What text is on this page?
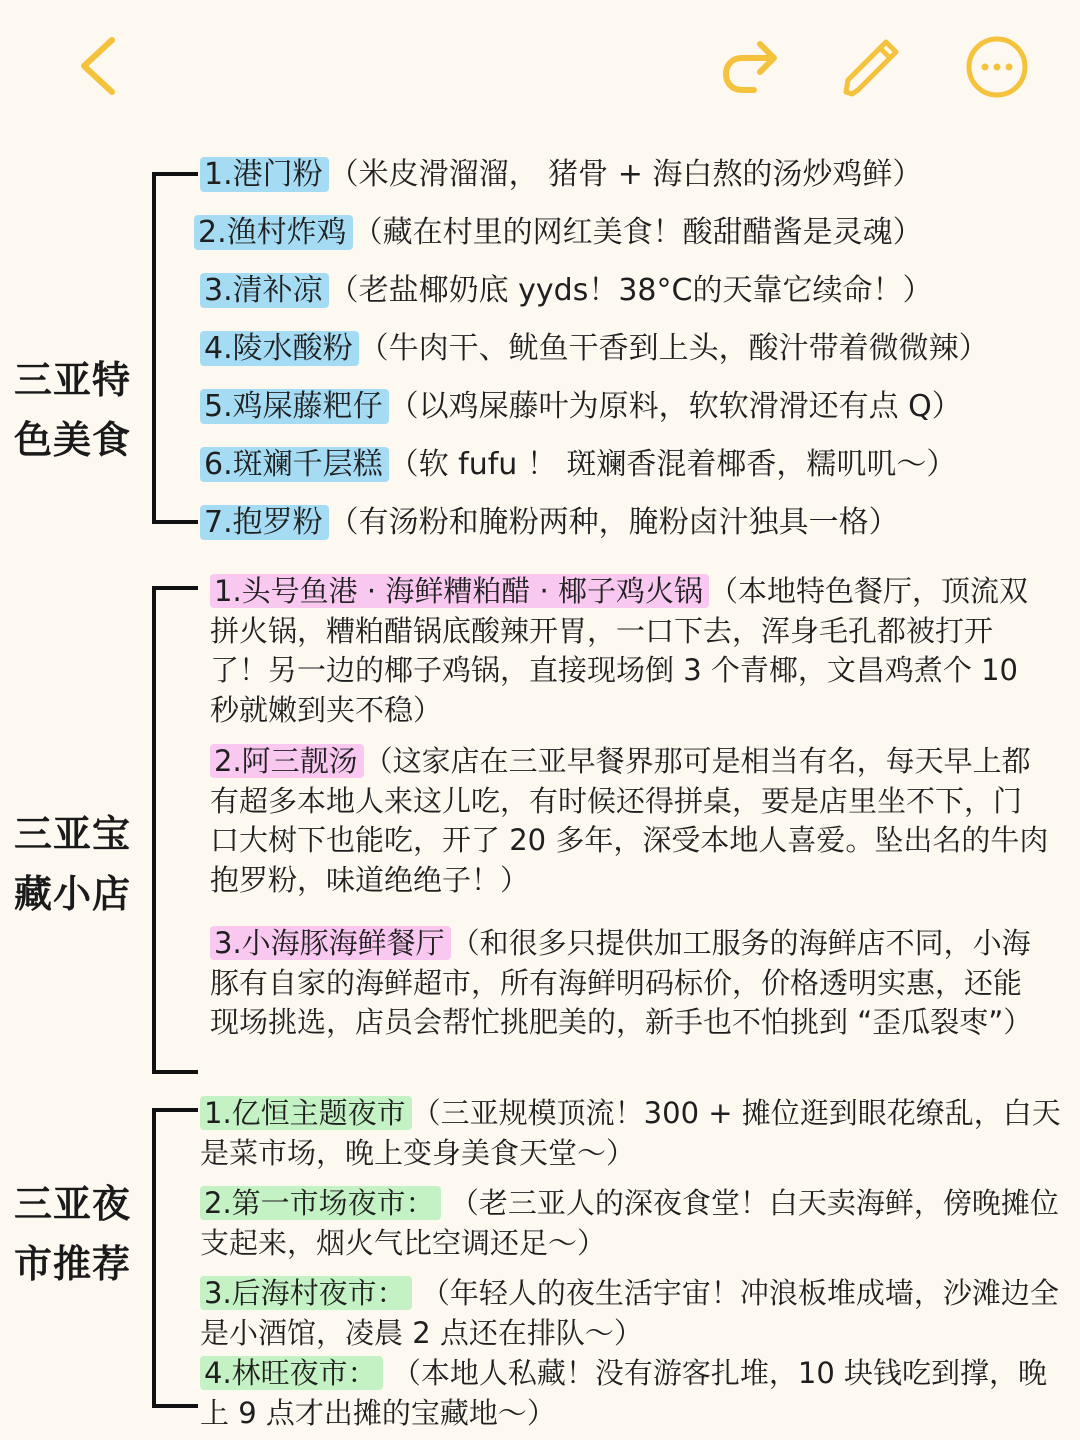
三亚特
色美食
1.港门粉 （米皮滑溜溜， 猪骨 + 海白熬的汤炒鸡鲜）
2.渔村炸鸡 （藏在村里的网红美食！酸甜醋酱是灵魂）
3.清补凉 （老盐椰奶底 yyds！38°C的天靠它续命！）
4.陵水酸粉 （牛肉干、鱿鱼干香到上头，酸汁带着微微辣）
5.鸡屎藤粑仔 （以鸡屎藤叶为原料，软软滑滑还有点 Q）
6.斑斓千层糕 （软 fufu ！ 斑斓香混着椰香，糯叽叽～）
7.抱罗粉 （有汤粉和腌粉两种，腌粉卤汁独具一格）
三亚宝
藏小店
1.头号鱼港 · 海鲜糟粕醋 · 椰子鸡火锅 （本地特色餐厅，顶流双拼火锅，糟粕醋锅底酸辣开胃，一口下去，浑身毛孔都被打开了！另一边的椰子鸡锅，直接现场倒 3 个青椰，文昌鸡煮个 10 秒就嫩到夹不稳）
2.阿三靓汤 （这家店在三亚早餐界那可是相当有名，每天早上都有超多本地人来这儿吃，有时候还得拼桌，要是店里坐不下，门口大树下也能吃，开了 20 多年，深受本地人喜爱。坠出名的牛肉抱罗粉，味道绝绝子！）
3.小海豚海鲜餐厅 （和很多只提供加工服务的海鲜店不同，小海豚有自家的海鲜超市，所有海鲜明码标价，价格透明实惠，还能现场挑选，店员会帮忙挑肥美的，新手也不怕挑到 “歪瓜裂枣”）
三亚夜
市推荐
1.亿恒主题夜市 （三亚规模顶流！300 + 摊位逛到眼花缭乱，白天是菜市场，晚上变身美食天堂～）
2.第一市场夜市： （老三亚人的深夜食堂！白天卖海鲜，傍晚摊位支起来，烟火气比空调还足～）
3.后海村夜市： （年轻人的夜生活宇宙！冲浪板堆成墙，沙滩边全是小酒馆，凌晨 2 点还在排队～）
4.林旺夜市： （本地人私藏！没有游客扎堆，10 块钱吃到撑，晚上 9 点才出摊的宝藏地～）
